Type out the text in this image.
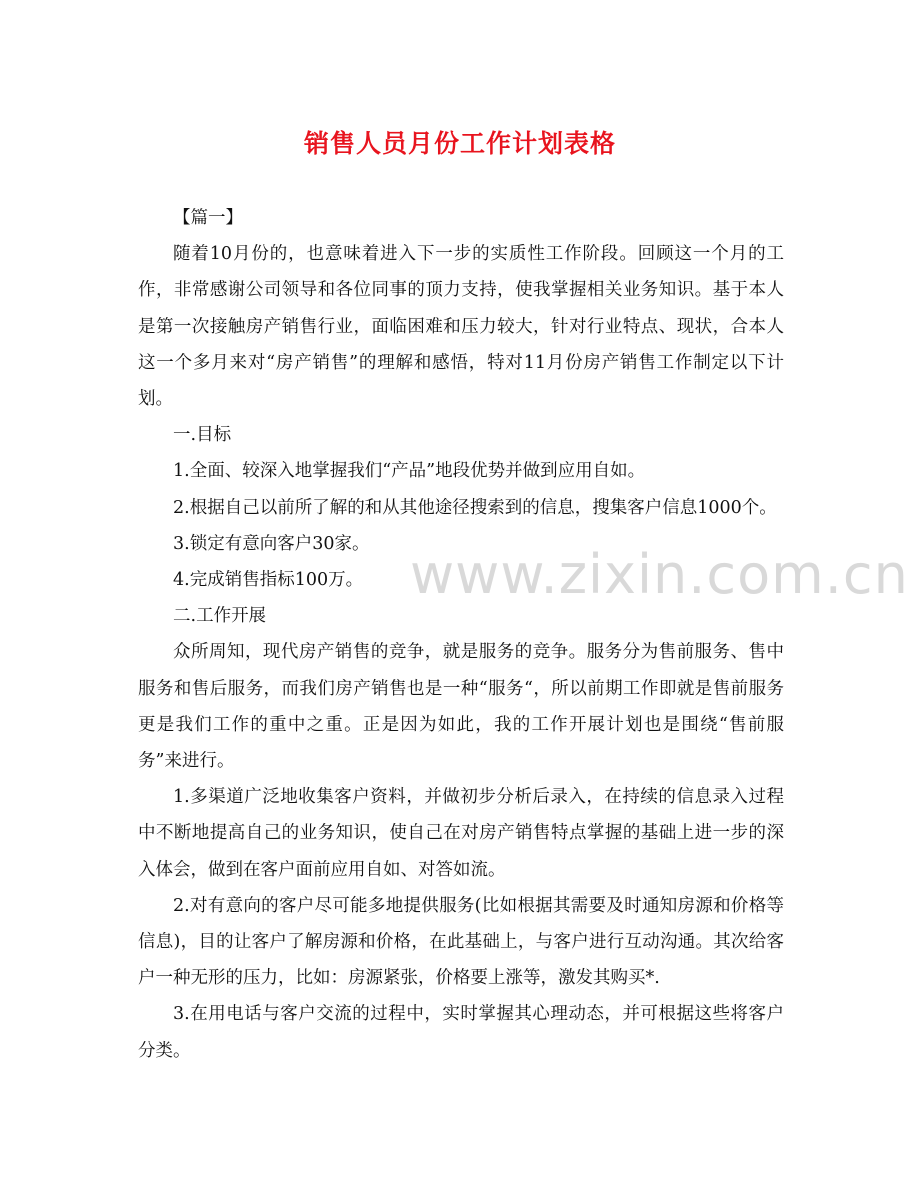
销售人员月份工作计划表格
www.zixin.com.cn

【篇一】

随着10月份的，也意味着进入下一步的实质性工作阶段。回顾这一个月的工作，非常感谢公司领导和各位同事的顶力支持，使我掌握相关业务知识。基于本人是第一次接触房产销售行业，面临困难和压力较大，针对行业特点、现状，合本人这一个多月来对“房产销售”的理解和感悟，特对11月份房产销售工作制定以下计划。

一.目标

1.全面、较深入地掌握我们“产品”地段优势并做到应用自如。

2.根据自己以前所了解的和从其他途径搜索到的信息，搜集客户信息1000个。

3.锁定有意向客户30家。

4.完成销售指标100万。

二.工作开展

众所周知，现代房产销售的竞争，就是服务的竞争。服务分为售前服务、售中服务和售后服务，而我们房产销售也是一种“服务“，所以前期工作即就是售前服务更是我们工作的重中之重。正是因为如此，我的工作开展计划也是围绕“售前服务”来进行。

1.多渠道广泛地收集客户资料，并做初步分析后录入，在持续的信息录入过程中不断地提高自己的业务知识，使自己在对房产销售特点掌握的基础上进一步的深入体会，做到在客户面前应用自如、对答如流。

2.对有意向的客户尽可能多地提供服务(比如根据其需要及时通知房源和价格等信息)，目的让客户了解房源和价格，在此基础上，与客户进行互动沟通。其次给客户一种无形的压力，比如：房源紧张，价格要上涨等，激发其购买*.

3.在用电话与客户交流的过程中，实时掌握其心理动态，并可根据这些将客户分类。
